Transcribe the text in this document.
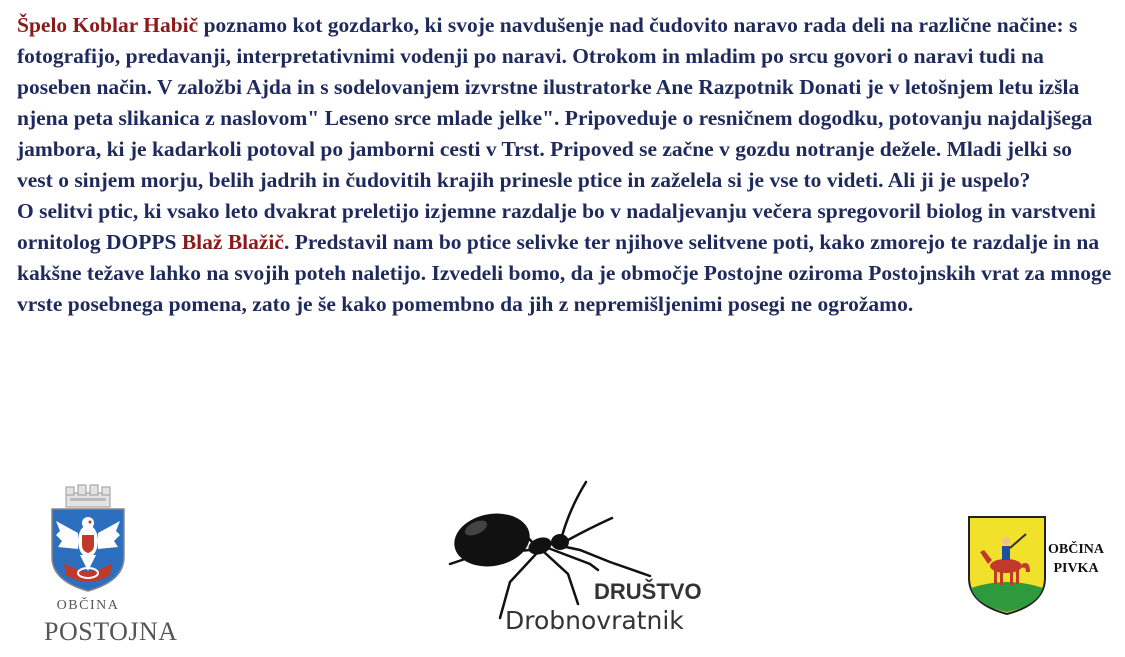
Špelo Koblar Habič poznamo kot gozdarko, ki svoje navdušenje nad čudovito naravo rada deli na različne načine: s fotografijo, predavanji, interpretativnimi vodenji po naravi. Otrokom in mladim po srcu govori o naravi tudi na poseben način. V založbi Ajda in s sodelovanjem izvrstne ilustratorke Ane Razpotnik Donati je v letošnjem letu izšla njena peta slikanica z naslovom" Leseno srce mlade jelke". Pripoveduje o resničnem dogodku, potovanju najdaljšega jambora, ki je kadarkoli potoval po jamborni cesti v Trst. Pripoved se začne v gozdu notranje dežele. Mladi jelki so vest o sinjem morju, belih jadrih in čudovitih krajih prinesle ptice in zaželela si je vse to videti. Ali ji je uspelo?

O selitvi ptic, ki vsako leto dvakrat preletijo izjemne razdalje bo v nadaljevanju večera spregovoril biolog in varstveni ornitolog DOPPS Blaž Blažič. Predstavil nam bo ptice selivke ter njihove selitvene poti, kako zmorejo te razdalje in na kakšne težave lahko na svojih poteh naletijo. Izvedeli bomo, da je območje Postojne oziroma Postojnskih vrat za mnoge vrste posebnega pomena, zato je še kako pomembno da jih z nepremišljenimi posegi ne ogrožamo.

OBČINA
POSTOJNA
DRUŠTVO
Drobnovratnik
OBČINA
PIVKA
